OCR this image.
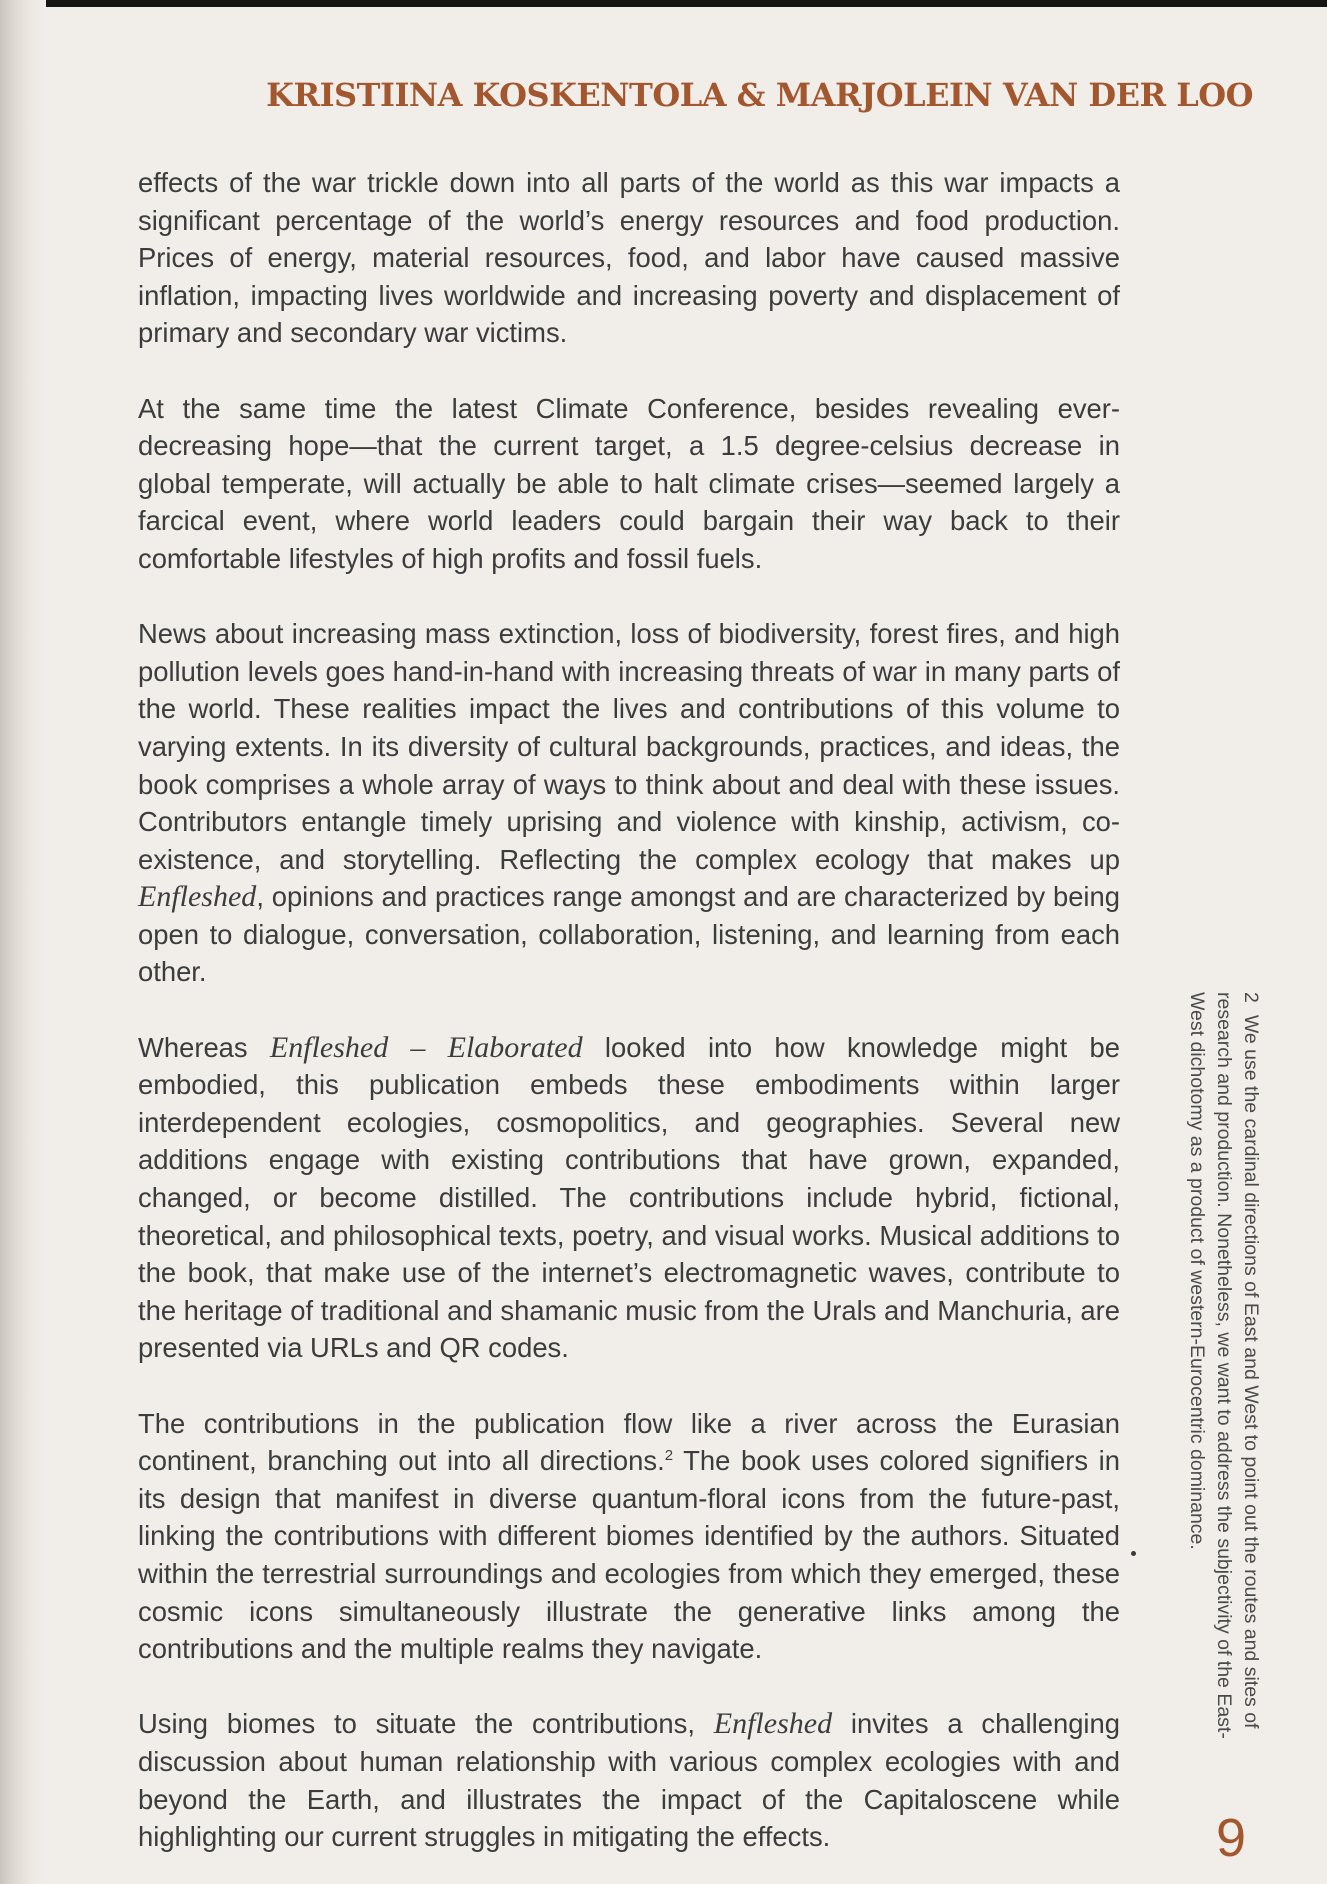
KRISTIINA KOSKENTOLA & MARJOLEIN VAN DER LOO

effects of the war trickle down into all parts of the world as this war impacts a significant percentage of the world’s energy resources and food production. Prices of energy, material resources, food, and labor have caused massive inflation, impacting lives worldwide and increasing poverty and displacement of primary and secondary war victims.

At the same time the latest Climate Conference, besides revealing ever-decreasing hope—that the current target, a 1.5 degree-celsius decrease in global temperate, will actually be able to halt climate crises—seemed largely a farcical event, where world leaders could bargain their way back to their comfortable lifestyles of high profits and fossil fuels.

News about increasing mass extinction, loss of biodiversity, forest fires, and high pollution levels goes hand-in-hand with increasing threats of war in many parts of the world. These realities impact the lives and contributions of this volume to varying extents. In its diversity of cultural backgrounds, practices, and ideas, the book comprises a whole array of ways to think about and deal with these issues. Contributors entangle timely uprising and violence with kinship, activism, co-existence, and storytelling. Reflecting the complex ecology that makes up Enfleshed, opinions and practices range amongst and are characterized by being open to dialogue, conversation, collaboration, listening, and learning from each other.

Whereas Enfleshed – Elaborated looked into how knowledge might be embodied, this publication embeds these embodiments within larger interdependent ecologies, cosmopolitics, and geographies. Several new additions engage with existing contributions that have grown, expanded, changed, or become distilled. The contributions include hybrid, fictional, theoretical, and philosophical texts, poetry, and visual works. Musical additions to the book, that make use of the internet’s electromagnetic waves, contribute to the heritage of traditional and shamanic music from the Urals and Manchuria, are presented via URLs and QR codes.

The contributions in the publication flow like a river across the Eurasian continent, branching out into all directions.$^2$ The book uses colored signifiers in its design that manifest in diverse quantum-floral icons from the future-past, linking the contributions with different biomes identified by the authors. Situated within the terrestrial surroundings and ecologies from which they emerged, these cosmic icons simultaneously illustrate the generative links among the contributions and the multiple realms they navigate.

Using biomes to situate the contributions, Enfleshed invites a challenging discussion about human relationship with various complex ecologies with and beyond the Earth, and illustrates the impact of the Capitaloscene while highlighting our current struggles in mitigating the effects.

2We use the cardinal directions of East and West to point out the routes and sites of research and production. Nonetheless, we want to address the subjectivity of the East-West dichotomy as a product of western-Eurocentric dominance.
9
